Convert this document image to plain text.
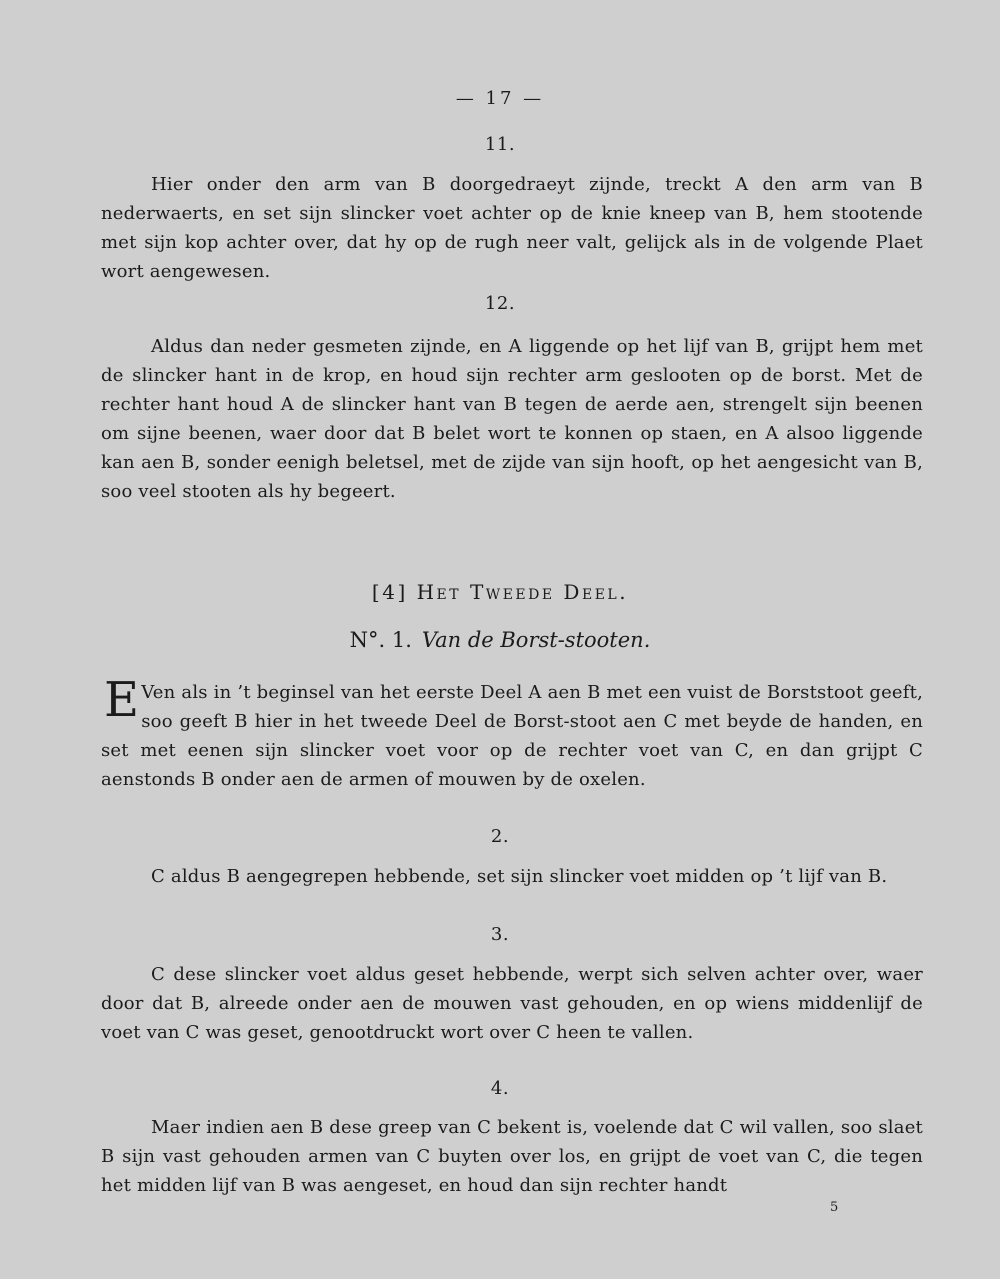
— 17 —
11.
Hier onder den arm van B doorgedraeyt zijnde, treckt A den arm van B nederwaerts, en set sijn slincker voet achter op de knie kneep van B, hem stootende met sijn kop achter over, dat hy op de rugh neer valt, gelijck als in de volgende Plaet wort aengewesen.
12.
Aldus dan neder gesmeten zijnde, en A liggende op het lijf van B, grijpt hem met de slincker hant in de krop, en houd sijn rechter arm geslooten op de borst. Met de rechter hant houd A de slincker hant van B tegen de aerde aen, strengelt sijn beenen om sijne beenen, waer door dat B belet wort te konnen op staen, en A alsoo liggende kan aen B, sonder eenigh beletsel, met de zijde van sijn hooft, op het aengesicht van B, soo veel stooten als hy begeert.
[4] Het Tweede Deel.
N°. 1. Van de Borst-stooten.
E Ven als in ’t beginsel van het eerste Deel A aen B met een vuist de Borststoot geeft, soo geeft B hier in het tweede Deel de Borst-stoot aen C met beyde de handen, en set met eenen sijn slincker voet voor op de rechter voet van C, en dan grijpt C aenstonds B onder aen de armen of mouwen by de oxelen.
2.
C aldus B aengegrepen hebbende, set sijn slincker voet midden op ’t lijf van B.
3.
C dese slincker voet aldus geset hebbende, werpt sich selven achter over, waer door dat B, alreede onder aen de mouwen vast gehouden, en op wiens middenlijf de voet van C was geset, genootdruckt wort over C heen te vallen.
4.
Maer indien aen B dese greep van C bekent is, voelende dat C wil vallen, soo slaet B sijn vast gehouden armen van C buyten over los, en grijpt de voet van C, die tegen het midden lijf van B was aengeset, en houd dan sijn rechter handt
5
